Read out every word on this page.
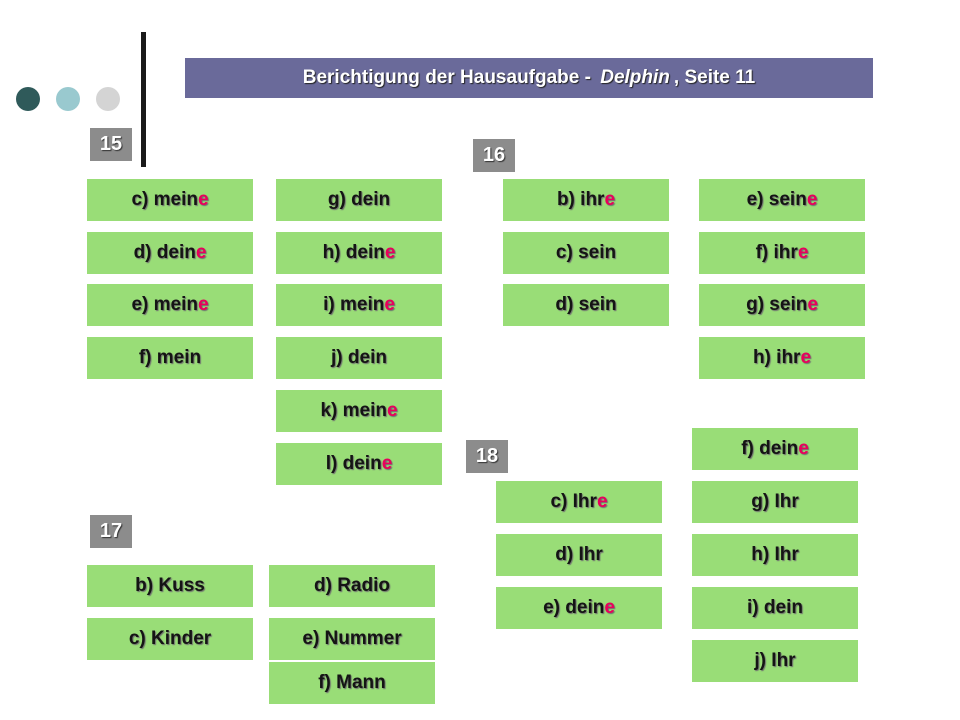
Berichtigung der Hausaufgabe - Delphin , Seite 11
15	16
17
18
c) mein e
d) dein e
e) mein e
f) mein
g) dein
h) dein e
i) mein e
j) dein
k) mein e
l) dein e
b) ihr e
c) sein
d) sein
e) sein e
f) ihr e
g) sein e
h) ihr e
b) Kuss
c) Kinder
d) Radio
e) Nummer
f) Mann
c) Ihr e
d) Ihr
e) dein e
f) dein e
g) Ihr
h) Ihr
i) dein
j) Ihr
